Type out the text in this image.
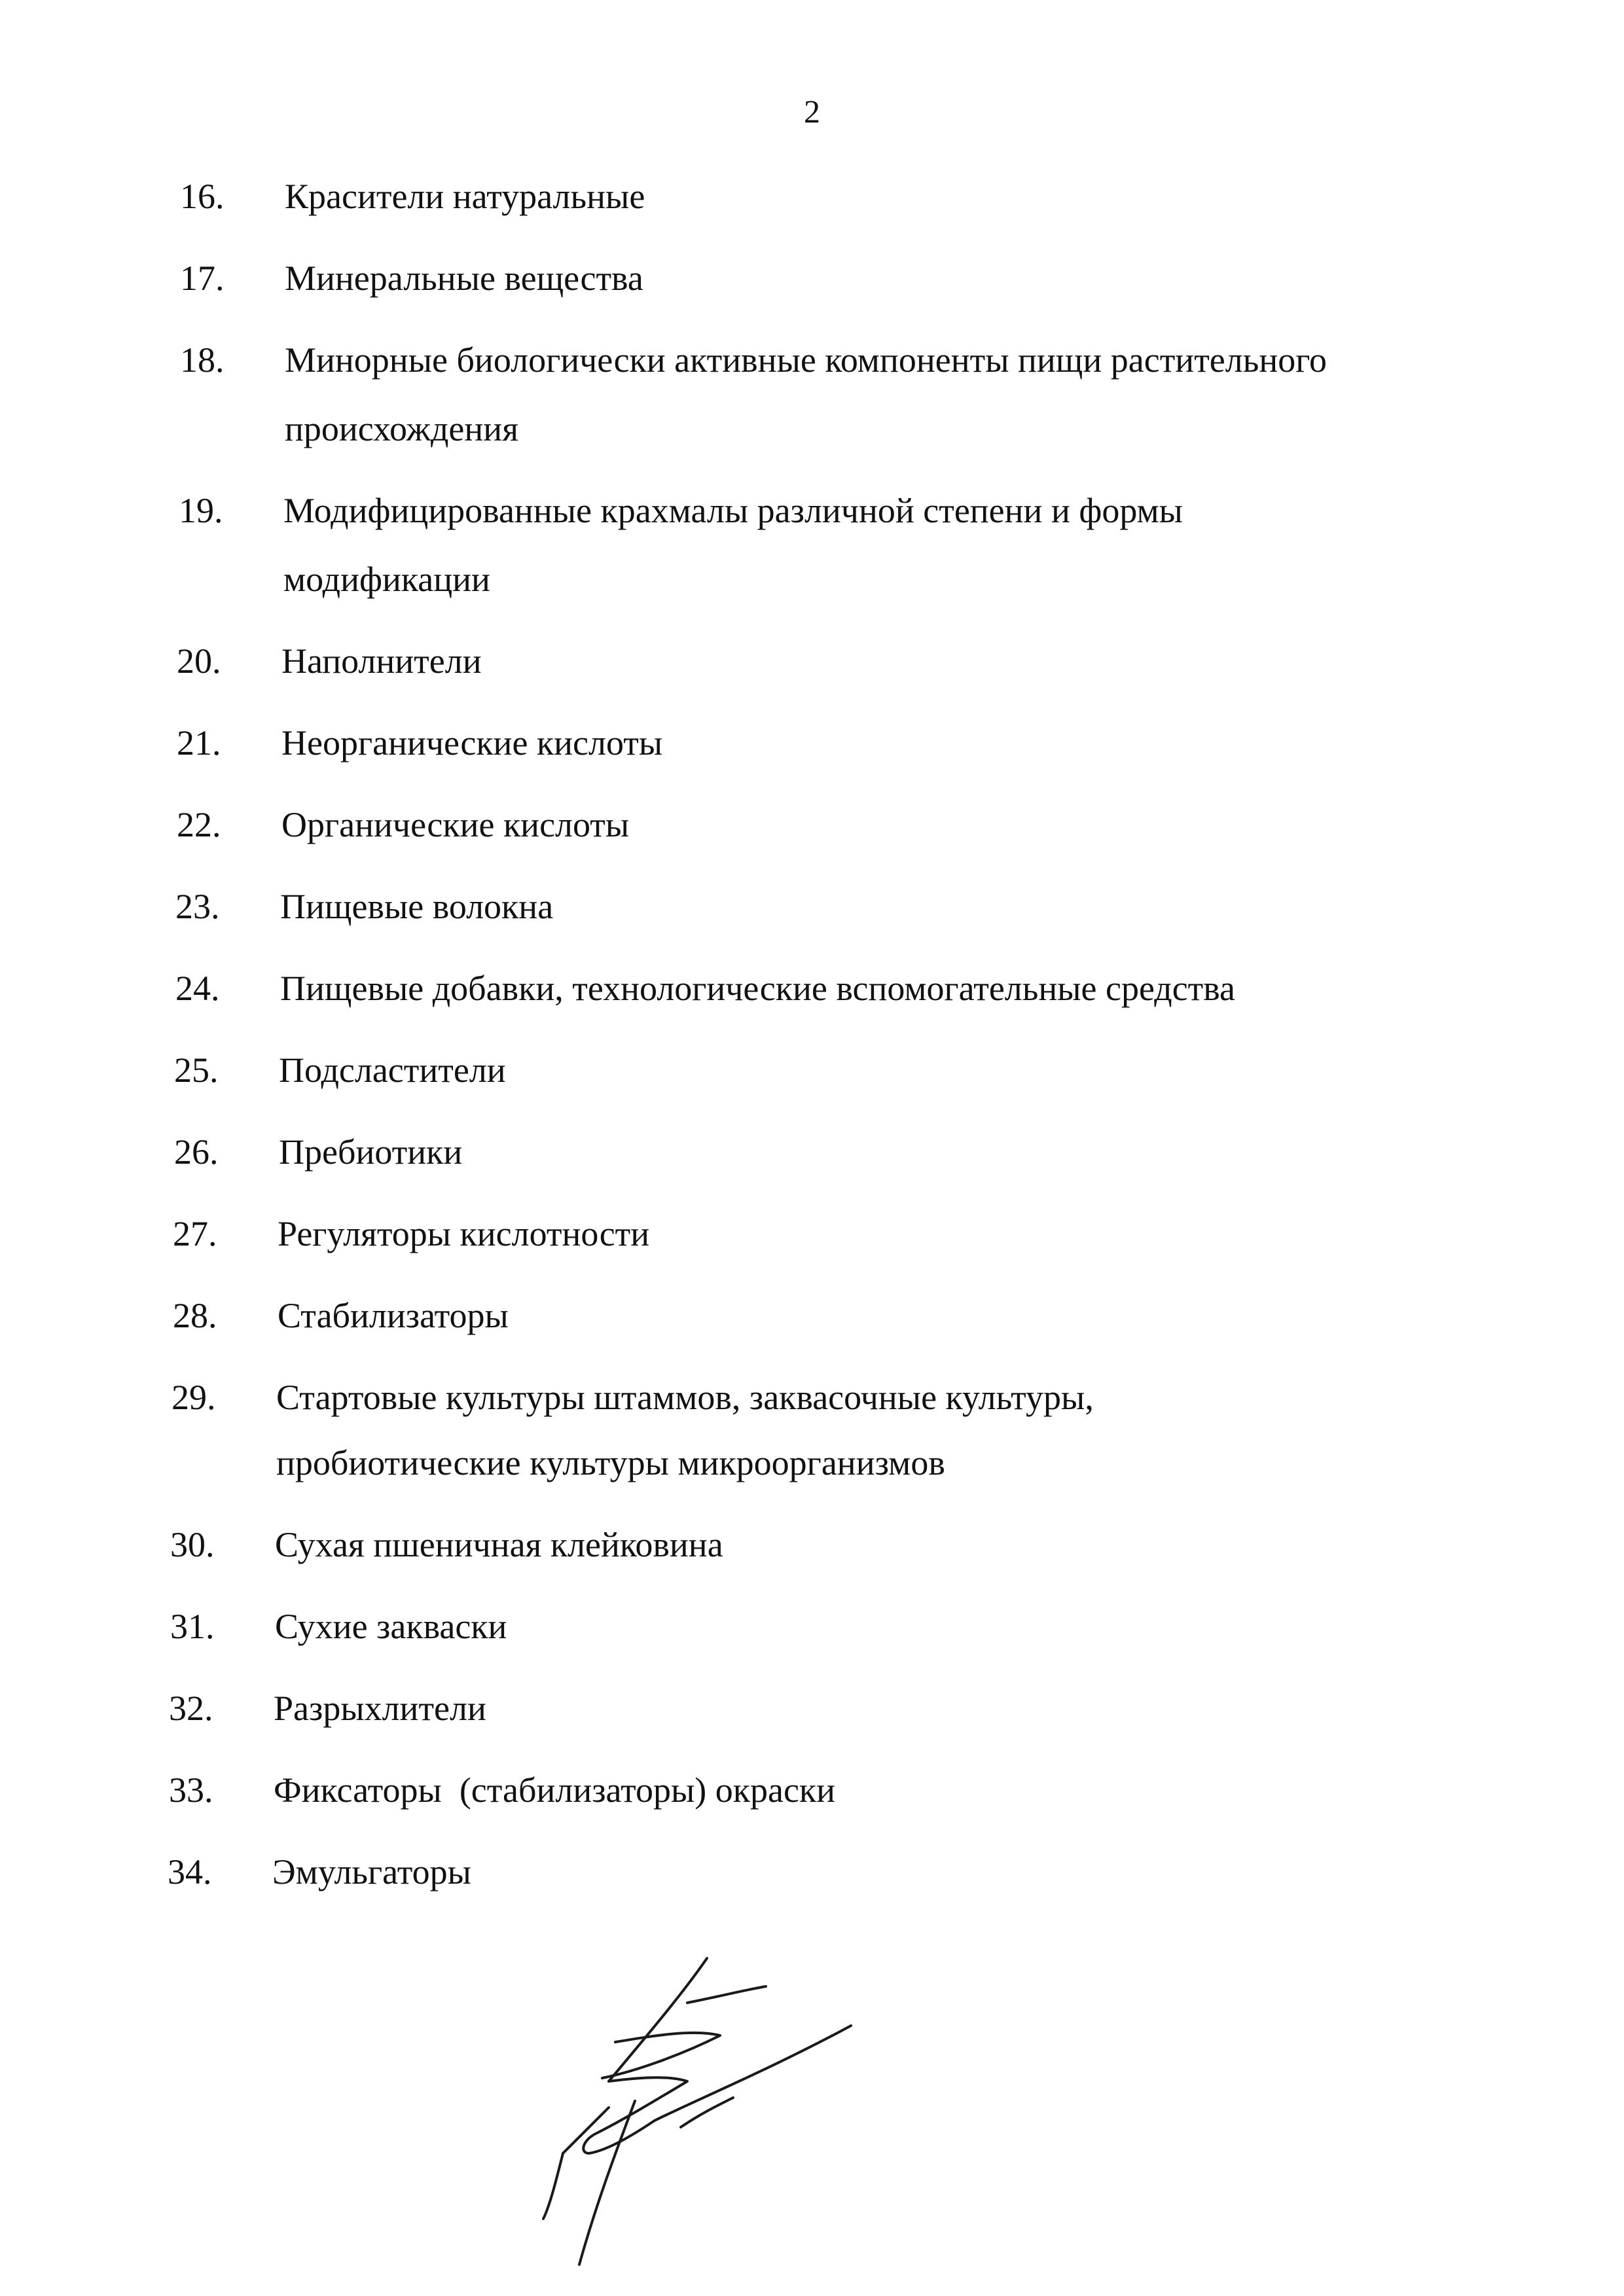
2
16. Красители натуральные
17. Минеральные вещества
18. Минорные биологически активные компоненты пищи растительного
происхождения
19. Модифицированные крахмалы различной степени и формы
модификации
20. Наполнители
21. Неорганические кислоты
22. Органические кислоты
23. Пищевые волокна
24. Пищевые добавки, технологические вспомогательные средства
25. Подсластители
26. Пребиотики
27. Регуляторы кислотности
28. Стабилизаторы
29. Стартовые культуры штаммов, заквасочные культуры,
пробиотические культуры микроорганизмов
30. Сухая пшеничная клейковина
31. Сухие закваски
32. Разрыхлители
33. Фиксаторы  (стабилизаторы) окраски
34. Эмульгаторы
